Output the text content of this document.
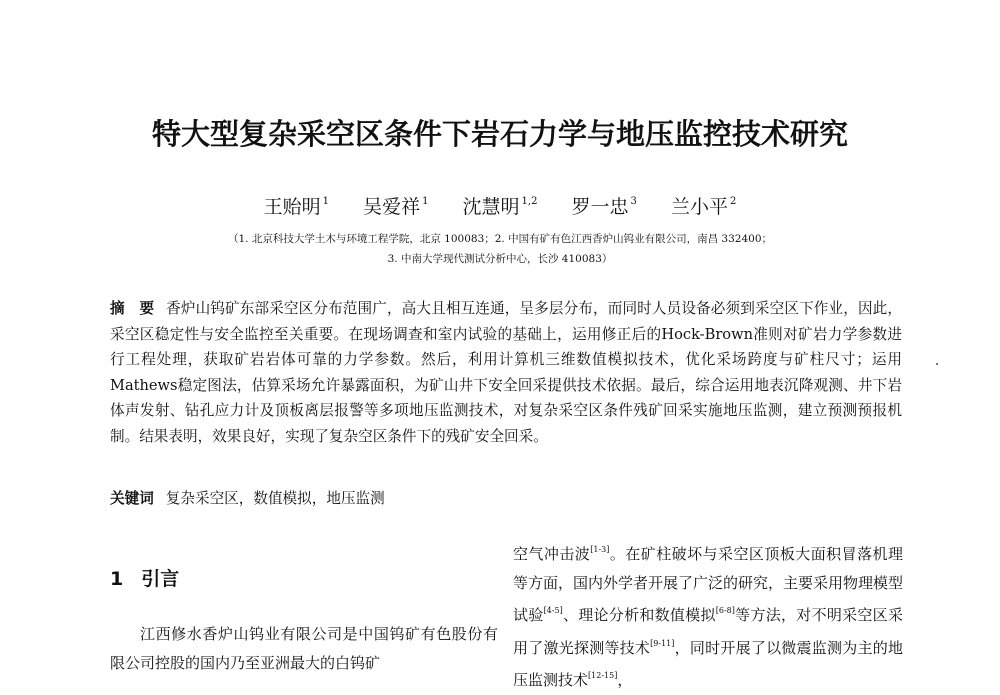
特大型复杂采空区条件下岩石力学与地压监控技术研究
王贻明 $^1$ 吴爱祥 $^1$ 沈慧明 $^{1,2}$ 罗一忠 $^3$ 兰小平 $^2$
（1. 北京科技大学土木与环境工程学院，北京 100083；2. 中国有矿有色江西香炉山钨业有限公司，南昌 332400；
3. 中南大学现代测试分析中心，长沙 410083）
摘　要 香炉山钨矿东部采空区分布范围广，高大且相互连通，呈多层分布，而同时人员设备必须到采空区下作业，因此，采空区稳定性与安全监控至关重要。在现场调查和室内试验的基础上，运用修正后的Hock-Brown准则对矿岩力学参数进行工程处理，获取矿岩岩体可靠的力学参数。然后，利用计算机三维数值模拟技术，优化采场跨度与矿柱尺寸；运用Mathews稳定图法，估算采场允许暴露面积，为矿山井下安全回采提供技术依据。最后，综合运用地表沉降观测、井下岩体声发射、钻孔应力计及顶板离层报警等多项地压监测技术，对复杂采空区条件残矿回采实施地压监测，建立预测预报机制。结果表明，效果良好，实现了复杂空区条件下的残矿安全回采。
关键词 复杂采空区，数值模拟，地压监测
1 引言

江西修水香炉山钨业有限公司是中国钨矿有色股份有限公司控股的国内乃至亚洲最大的白钨矿

空气冲击波[1-3]。在矿柱破坏与采空区顶板大面积冒落机理等方面，国内外学者开展了广泛的研究，主要采用物理模型试验[4-5]、理论分析和数值模拟[6-8]等方法，对不明采空区采用了激光探测等技术[9-11]，同时开展了以微震监测为主的地压监测技术[12-15]，
